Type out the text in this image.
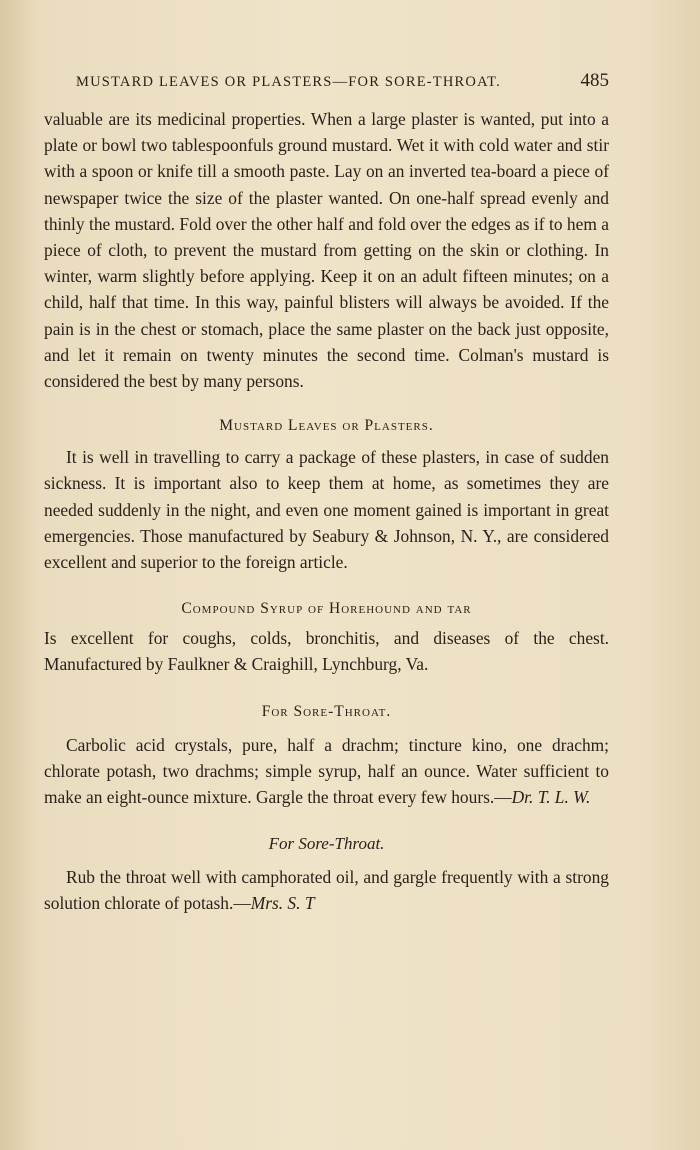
MUSTARD LEAVES OR PLASTERS—FOR SORE-THROAT.	485

valuable are its medicinal properties. When a large plaster is wanted, put into a plate or bowl two tablespoonfuls ground mustard. Wet it with cold water and stir with a spoon or knife till a smooth paste. Lay on an inverted tea-board a piece of newspaper twice the size of the plaster wanted. On one-half spread evenly and thinly the mustard. Fold over the other half and fold over the edges as if to hem a piece of cloth, to prevent the mustard from getting on the skin or clothing. In winter, warm slightly before applying. Keep it on an adult fifteen minutes; on a child, half that time. In this way, painful blisters will always be avoided. If the pain is in the chest or stomach, place the same plaster on the back just opposite, and let it remain on twenty minutes the second time. Colman's mustard is considered the best by many persons.

Mustard Leaves or Plasters.

It is well in travelling to carry a package of these plasters, in case of sudden sickness. It is important also to keep them at home, as sometimes they are needed suddenly in the night, and even one moment gained is important in great emergencies. Those manufactured by Seabury & Johnson, N. Y., are considered excellent and superior to the foreign article.

Compound Syrup of Horehound and tar

Is excellent for coughs, colds, bronchitis, and diseases of the chest. Manufactured by Faulkner & Craighill, Lynchburg, Va.

For Sore-Throat.

Carbolic acid crystals, pure, half a drachm; tincture kino, one drachm; chlorate potash, two drachms; simple syrup, half an ounce. Water sufficient to make an eight-ounce mixture. Gargle the throat every few hours.—Dr. T. L. W.

For Sore-Throat.

Rub the throat well with camphorated oil, and gargle frequently with a strong solution chlorate of potash.—Mrs. S. T
